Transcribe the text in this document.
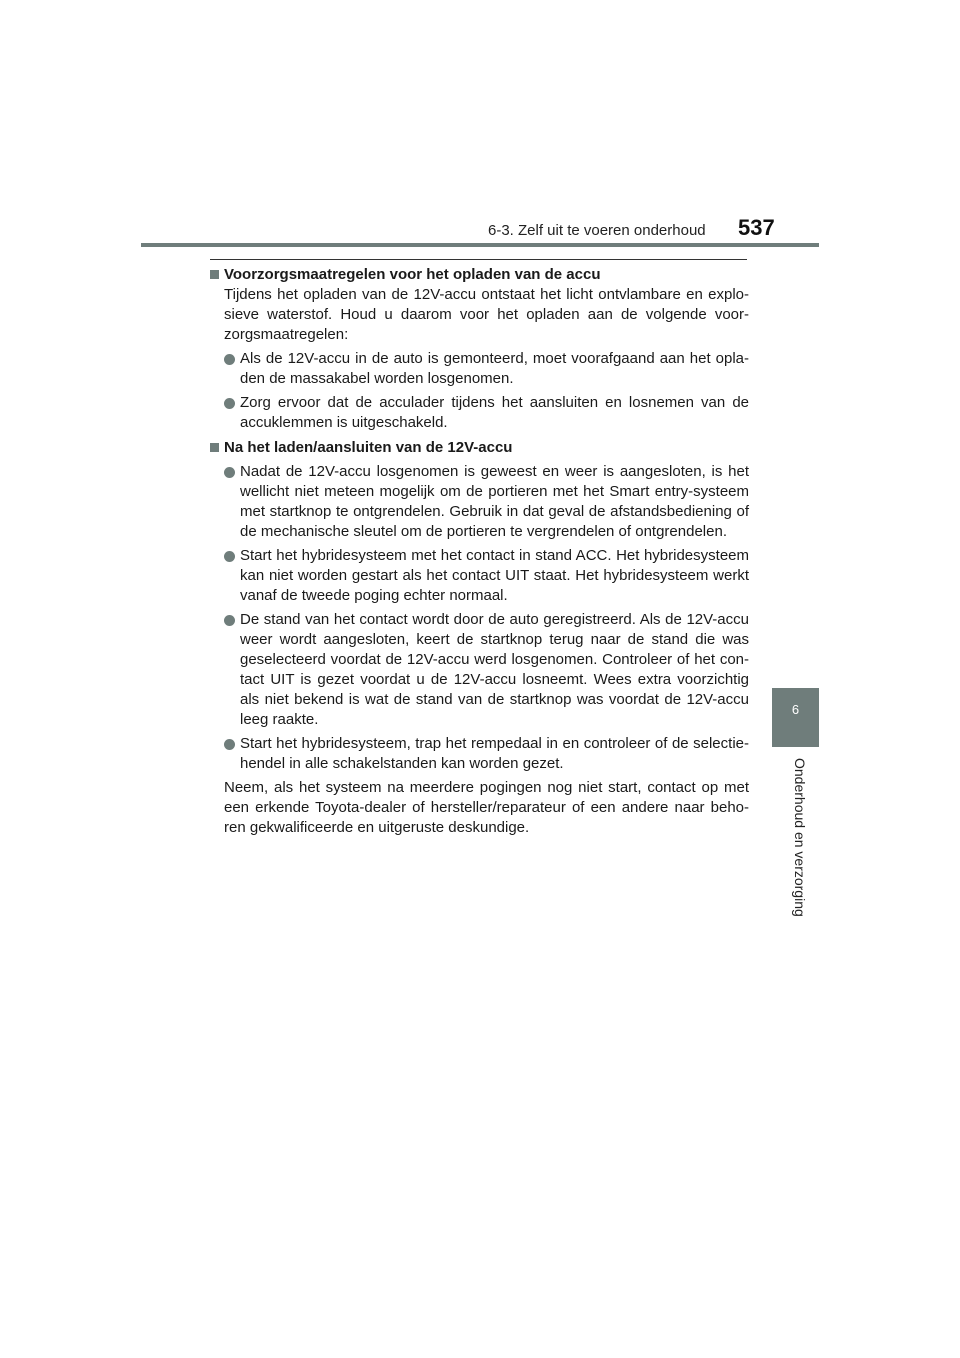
6-3. Zelf uit te voeren onderhoud 537
6
Onderhoud en verzorging
Voorzorgsmaatregelen voor het opladen van de accu

Tijdens het opladen van de 12V-accu ontstaat het licht ontvlambare en explo-sieve waterstof. Houd u daarom voor het opladen aan de volgende voor-zorgsmaatregelen:

Als de 12V-accu in de auto is gemonteerd, moet voorafgaand aan het opla-den de massakabel worden losgenomen.
Zorg ervoor dat de acculader tijdens het aansluiten en losnemen van de accuklemmen is uitgeschakeld.
Na het laden/aansluiten van de 12V-accu
Nadat de 12V-accu losgenomen is geweest en weer is aangesloten, is het wellicht niet meteen mogelijk om de portieren met het Smart entry-systeem met startknop te ontgrendelen. Gebruik in dat geval de afstandsbediening of de mechanische sleutel om de portieren te vergrendelen of ontgrendelen.
Start het hybridesysteem met het contact in stand ACC. Het hybridesysteem kan niet worden gestart als het contact UIT staat. Het hybridesysteem werkt vanaf de tweede poging echter normaal.
De stand van het contact wordt door de auto geregistreerd. Als de 12V-accu weer wordt aangesloten, keert de startknop terug naar de stand die was geselecteerd voordat de 12V-accu werd losgenomen. Controleer of het con-tact UIT is gezet voordat u de 12V-accu losneemt. Wees extra voorzichtig als niet bekend is wat de stand van de startknop was voordat de 12V-accu leeg raakte.
Start het hybridesysteem, trap het rempedaal in en controleer of de selectie-hendel in alle schakelstanden kan worden gezet.

Neem, als het systeem na meerdere pogingen nog niet start, contact op met een erkende Toyota-dealer of hersteller/reparateur of een andere naar beho-ren gekwalificeerde en uitgeruste deskundige.
